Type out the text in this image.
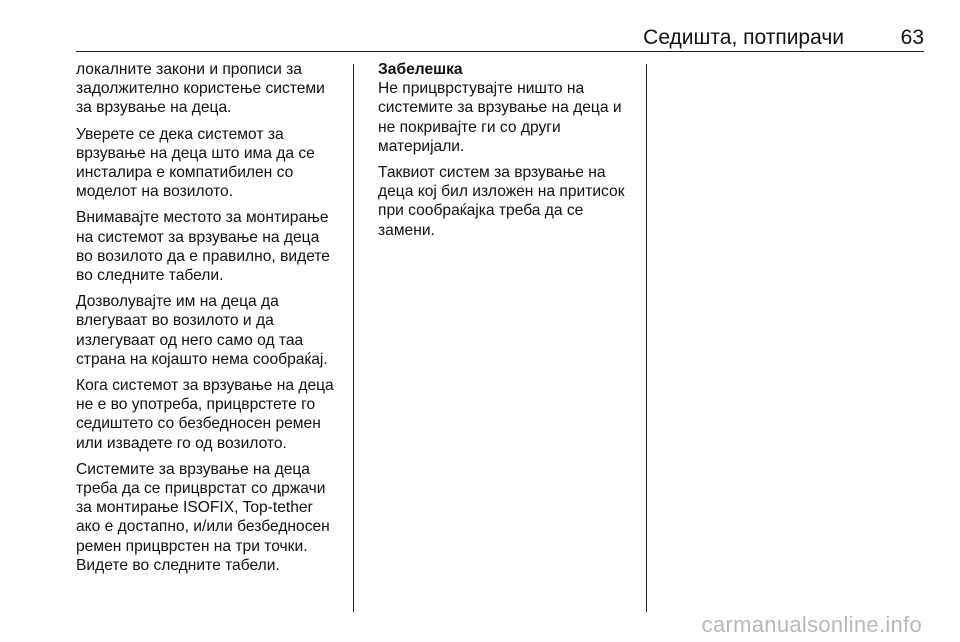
Седишта, потпирачи	63

локалните закони и прописи за
задолжително користење системи
за врзување на деца.

Уверете се дека системот за
врзување на деца што има да се
инсталира е компатибилен со
моделот на возилото.

Внимавајте местото за монтирање
на системот за врзување на деца
во возилото да е правилно, видете
во следните табели.

Дозволувајте им на деца да
влегуваат во возилото и да
излегуваат од него само од таа
страна на којашто нема сообраќај.

Кога системот за врзување на деца
не е во употреба, прицврстете го
седиштето со безбедносен ремен
или извадете го од возилото.

Системите за врзување на деца
треба да се прицврстат со држачи
за монтирање ISOFIX, Top-tether
ако е достапно, и/или безбедносен
ремен прицврстен на три точки.
Видете во следните табели.

Забелешка

Не прицврстувајте ништо на
системите за врзување на деца и
не покривајте ги со други
материјали.

Таквиот систем за врзување на
деца кој бил изложен на притисок
при сообраќајка треба да се
замени.

carmanualsonline.info
